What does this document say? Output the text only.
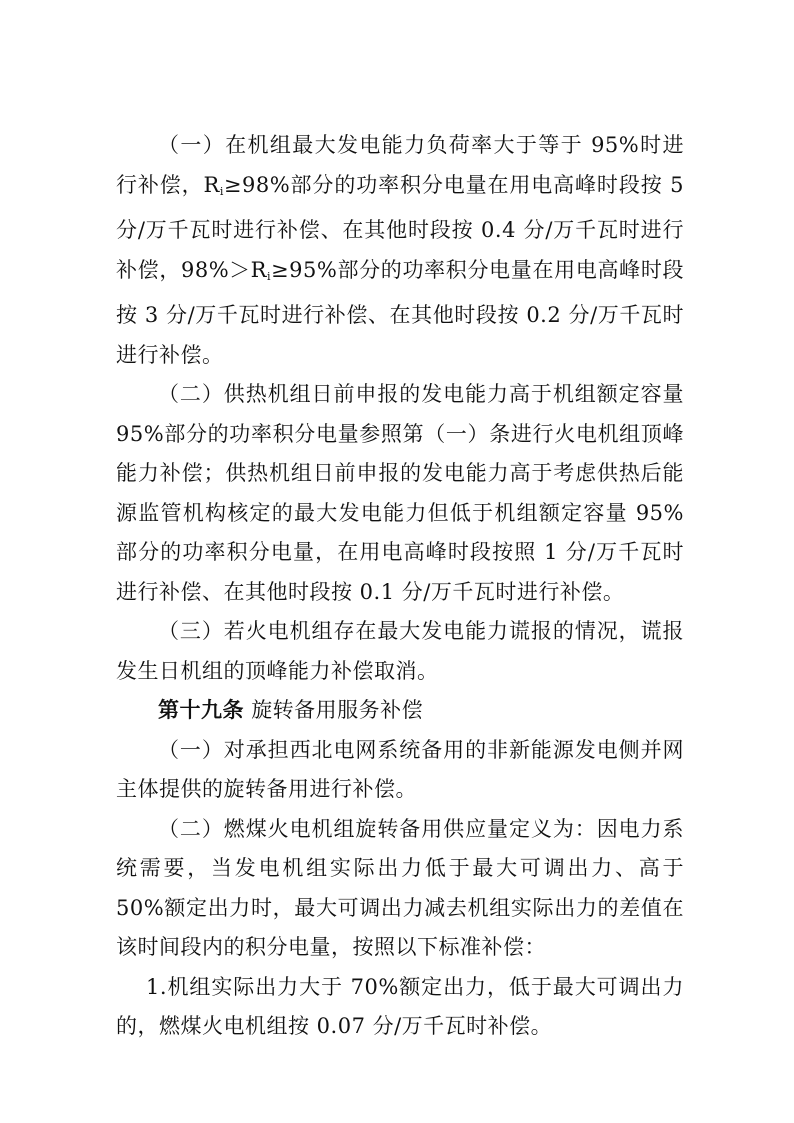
（一）在机组最大发电能力负荷率大于等于 95%时进行补偿，$R_i\ge 98\%$部分的功率积分电量在用电高峰时段按 5 分/万千瓦时进行补偿、在其他时段按 0.4 分/万千瓦时进行补偿，$98\%>R_i\ge 95\%$部分的功率积分电量在用电高峰时段按 3 分/万千瓦时进行补偿、在其他时段按 0.2 分/万千瓦时进行补偿。

（二）供热机组日前申报的发电能力高于机组额定容量 95%部分的功率积分电量参照第（一）条进行火电机组顶峰能力补偿；供热机组日前申报的发电能力高于考虑供热后能源监管机构核定的最大发电能力但低于机组额定容量 95%部分的功率积分电量，在用电高峰时段按照 1 分/万千瓦时进行补偿、在其他时段按 0.1 分/万千瓦时进行补偿。

（三）若火电机组存在最大发电能力谎报的情况，谎报发生日机组的顶峰能力补偿取消。

第十九条 旋转备用服务补偿

（一）对承担西北电网系统备用的非新能源发电侧并网主体提供的旋转备用进行补偿。

（二）燃煤火电机组旋转备用供应量定义为：因电力系统需要，当发电机组实际出力低于最大可调出力、高于 50%额定出力时，最大可调出力减去机组实际出力的差值在该时间段内的积分电量，按照以下标准补偿：

1.机组实际出力大于 70%额定出力，低于最大可调出力的，燃煤火电机组按 0.07 分/万千瓦时补偿。
